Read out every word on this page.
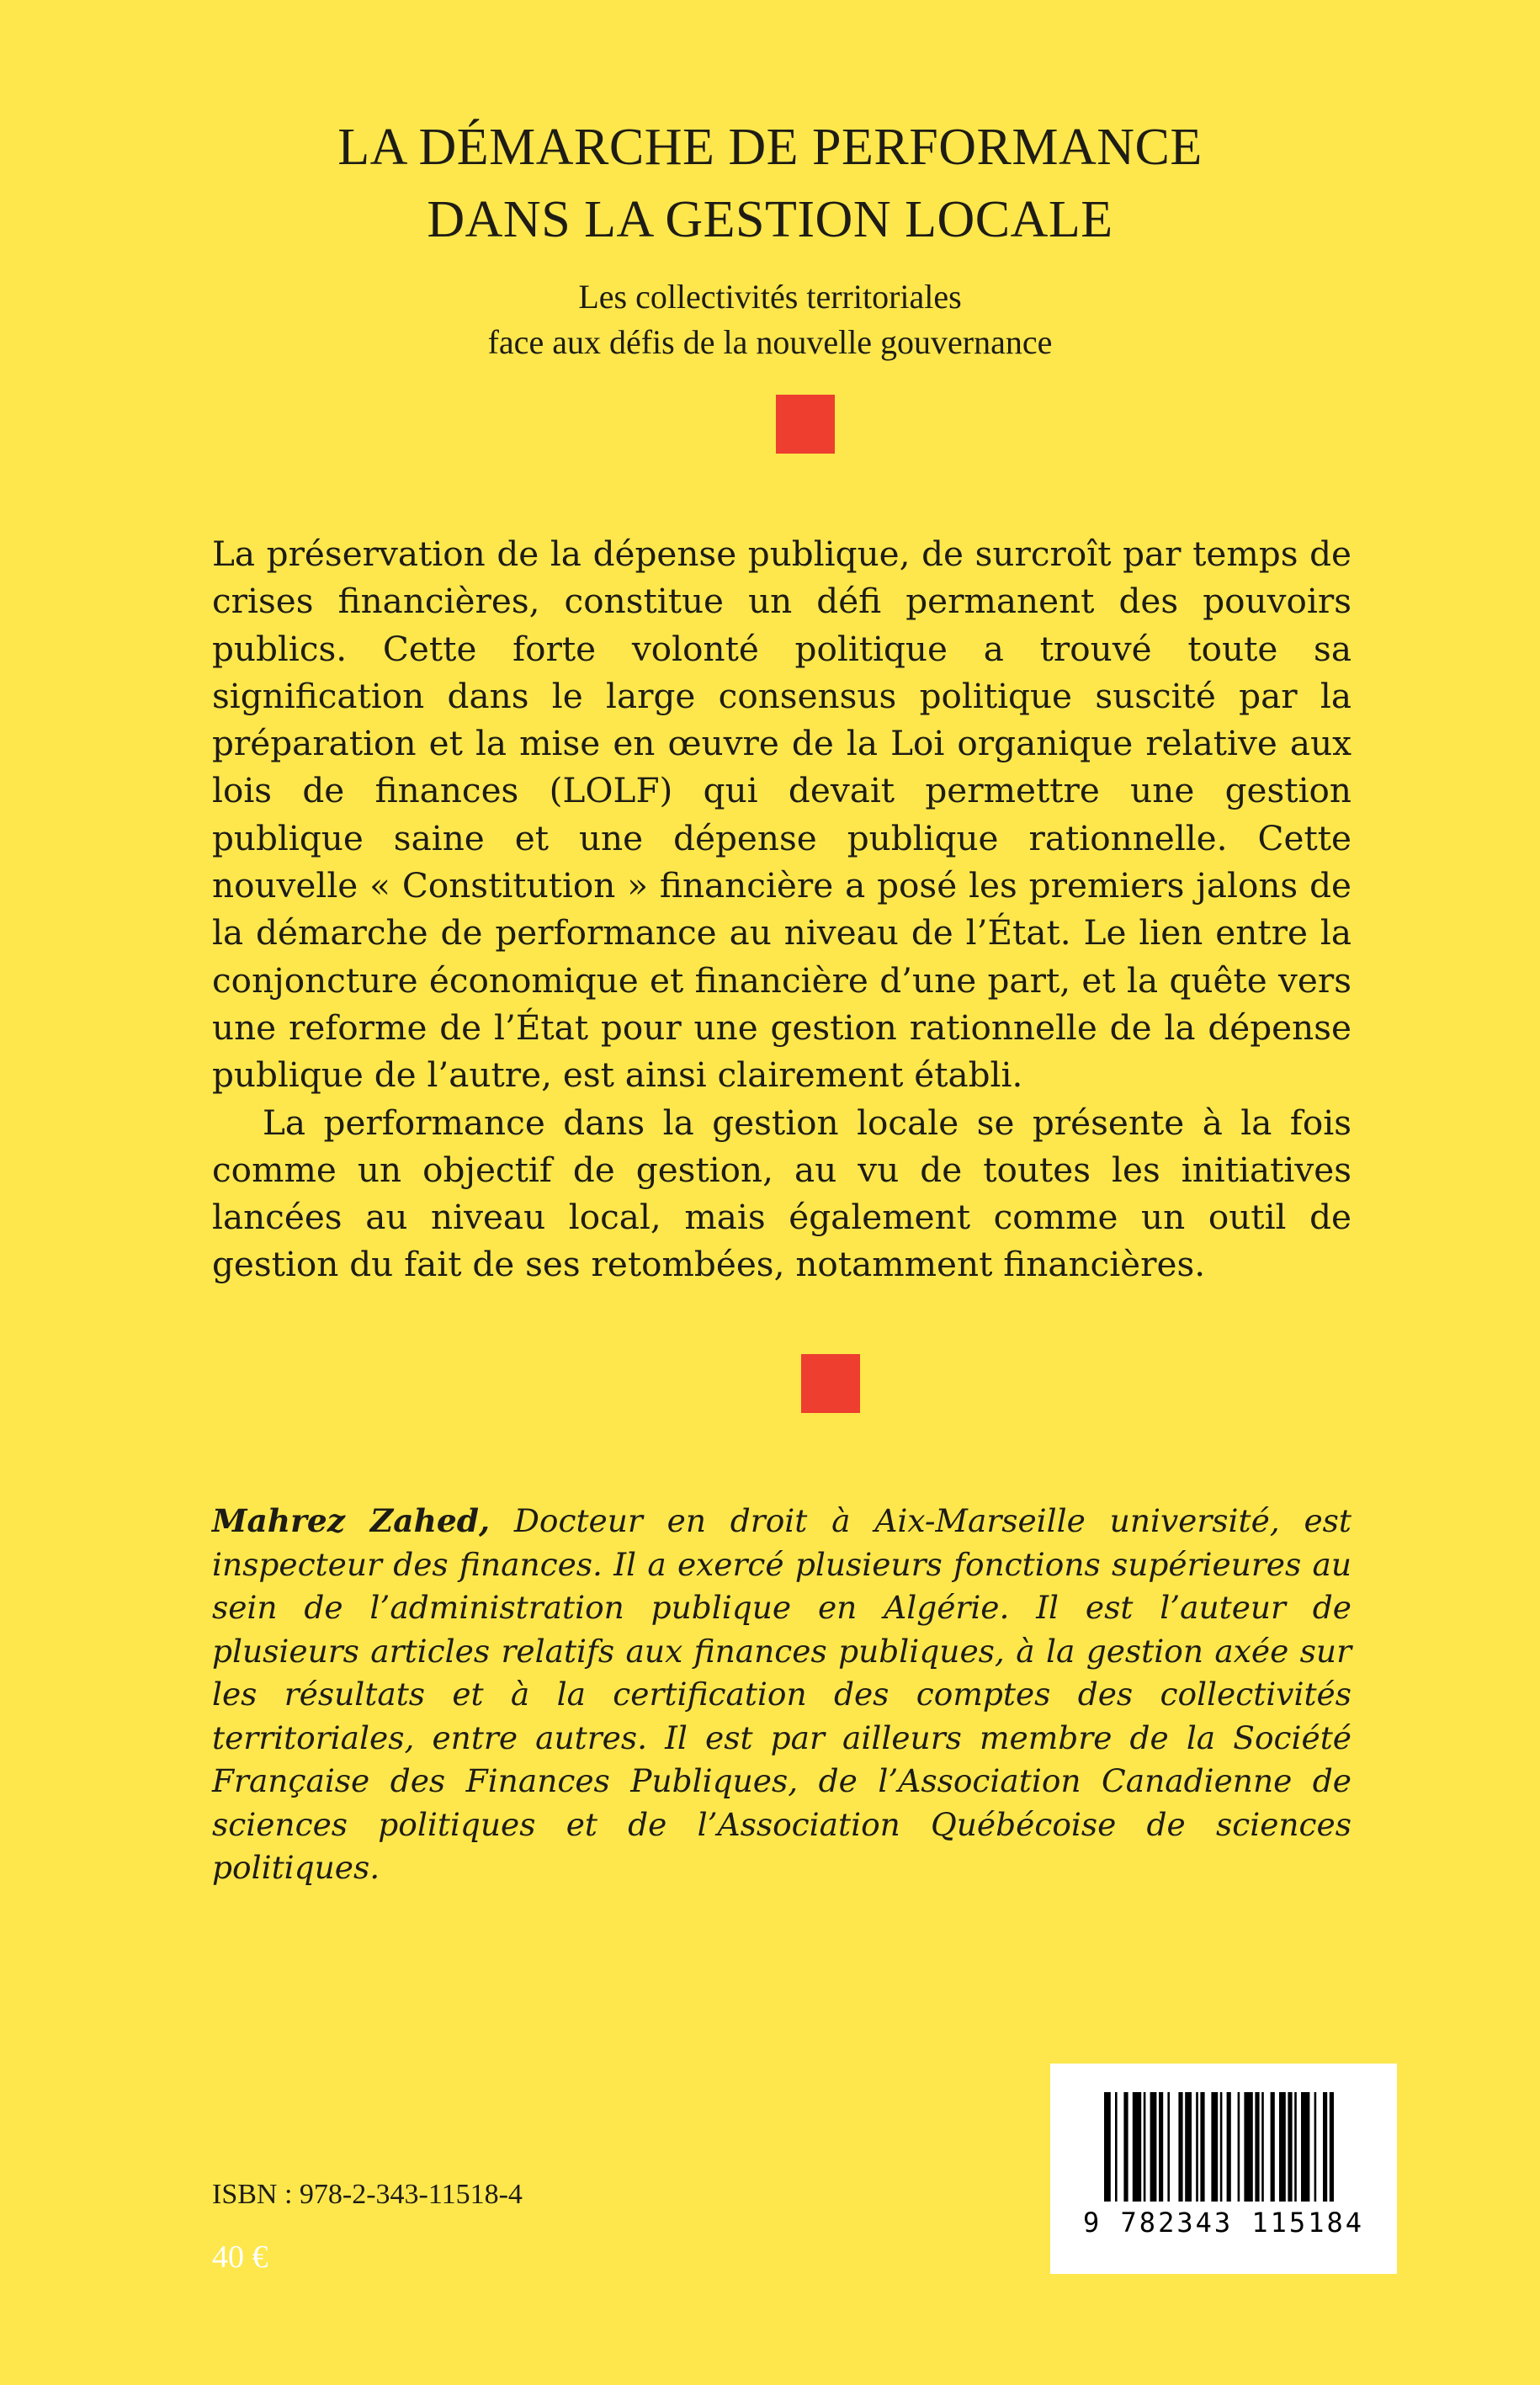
LA DÉMARCHE DE PERFORMANCE
DANS LA GESTION LOCALE
Les collectivités territoriales
face aux défis de la nouvelle gouvernance

La préservation de la dépense publique, de surcroît par temps de crises financières, constitue un défi permanent des pouvoirs publics. Cette forte volonté politique a trouvé toute sa signification dans le large consensus politique suscité par la préparation et la mise en œuvre de la Loi organique relative aux lois de finances (LOLF) qui devait permettre une gestion publique saine et une dépense publique rationnelle. Cette nouvelle « Constitution » financière a posé les premiers jalons de la démarche de performance au niveau de l’État. Le lien entre la conjoncture économique et financière d’une part, et la quête vers une reforme de l’État pour une gestion rationnelle de la dépense publique de l’autre, est ainsi clairement établi.

La performance dans la gestion locale se présente à la fois comme un objectif de gestion, au vu de toutes les initiatives lancées au niveau local, mais également comme un outil de gestion du fait de ses retombées, notamment financières.

Mahrez Zahed, Docteur en droit à Aix-Marseille université, est inspecteur des finances. Il a exercé plusieurs fonctions supérieures au sein de l’administration publique en Algérie. Il est l’auteur de plusieurs articles relatifs aux finances publiques, à la gestion axée sur les résultats et à la certification des comptes des collectivités territoriales, entre autres. Il est par ailleurs membre de la Société Française des Finances Publiques, de l’Association Canadienne de sciences politiques et de l’Association Québécoise de sciences politiques.

ISBN : 978-2-343-11518-4
40 €
9 782343 115184
